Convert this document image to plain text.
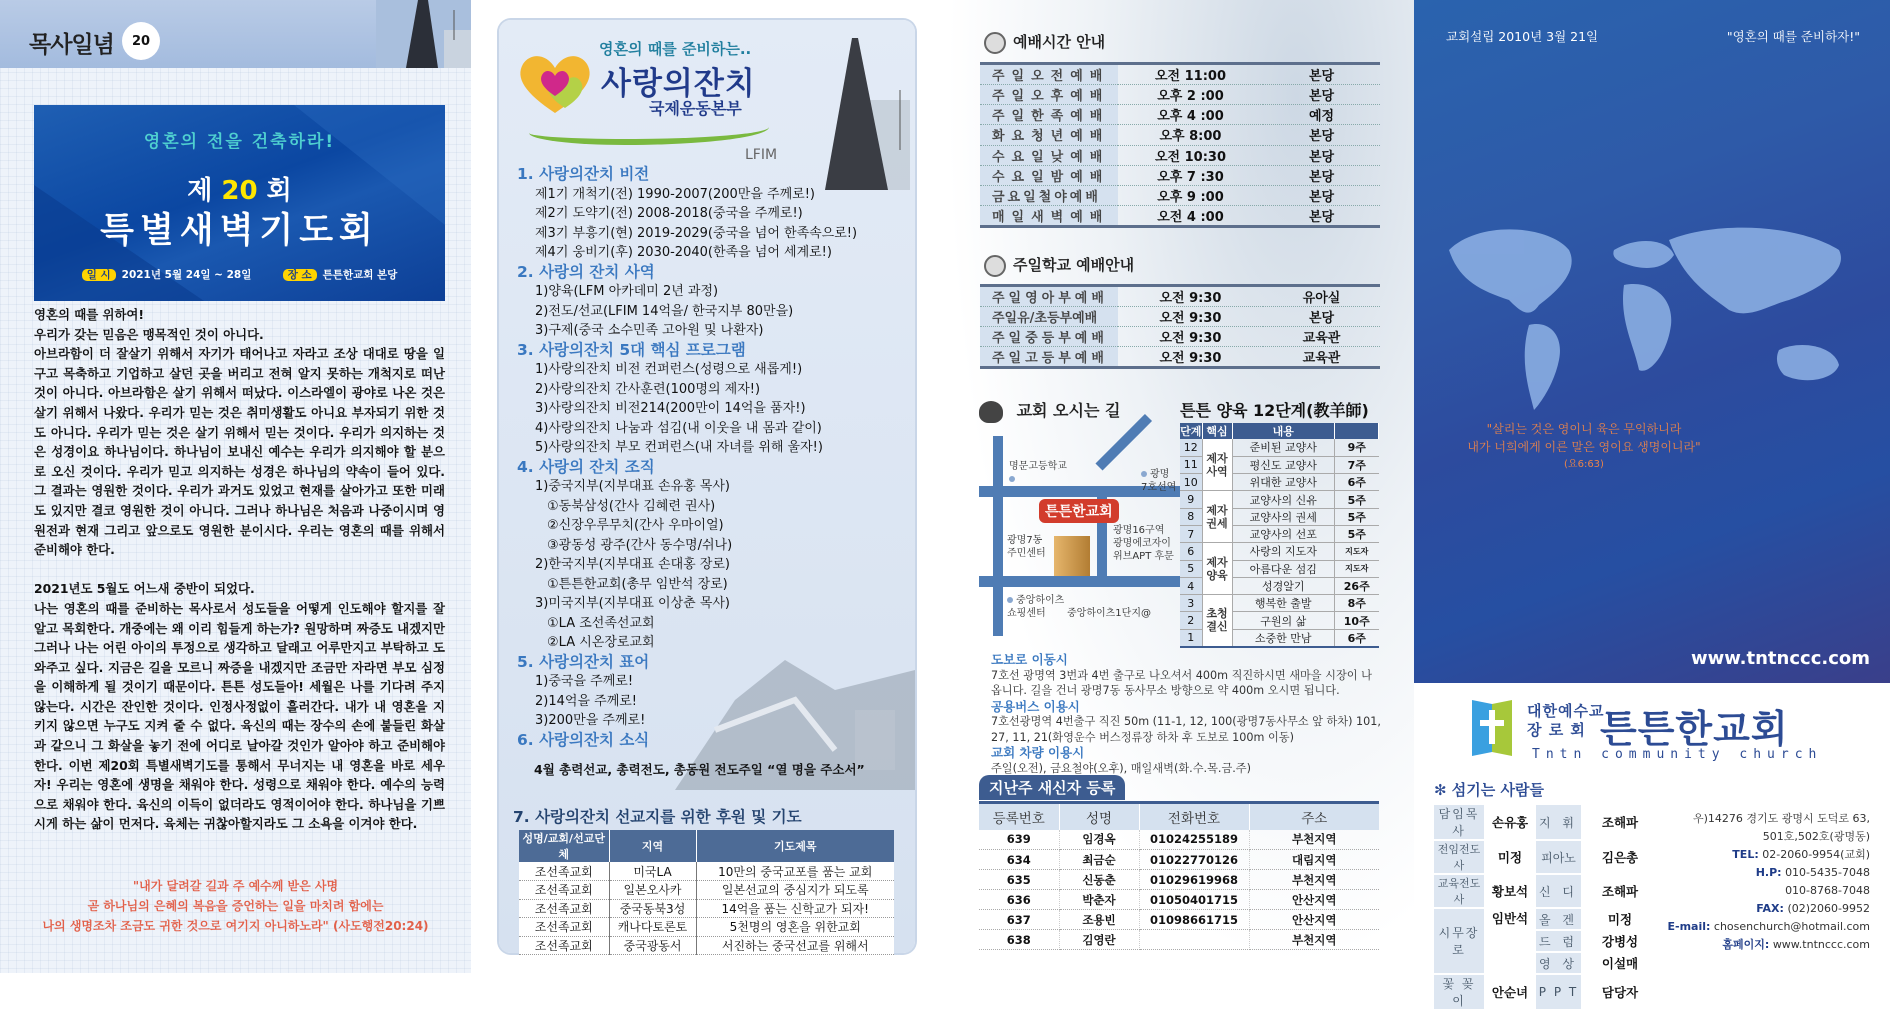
목사일념	20
영혼의 전을 건축하라!
제 20 회
특별새벽기도회
일 시 2021년 5월 24일 ~ 28일	장 소 튼튼한교회 본당

영혼의 때를 위하여!

우리가 갖는 믿음은 맹목적인 것이 아니다.

아브라함이 더 잘살기 위해서 자기가 태어나고 자라고 조상 대대로 땅을 일구고 목축하고 기업하고 살던 곳을 버리고 전혀 알지 못하는 개척지로 떠난 것이 아니다. 아브라함은 살기 위해서 떠났다. 이스라엘이 광야로 나온 것은 살기 위해서 나왔다. 우리가 믿는 것은 취미생활도 아니요 부자되기 위한 것도 아니다. 우리가 믿는 것은 살기 위해서 믿는 것이다. 우리가 의지하는 것은 성경이요 하나님이다. 하나님이 보내신 예수는 우리가 의지해야 할 분으로 오신 것이다. 우리가 믿고 의지하는 성경은 하나님의 약속이 들어 있다. 그 결과는 영원한 것이다. 우리가 과거도 있었고 현재를 살아가고 또한 미래도 있지만 결코 영원한 것이 아니다. 그러나 하나님은 처음과 나중이시며 영원전과 현재 그리고 앞으로도 영원한 분이시다. 우리는 영혼의 때를 위해서 준비해야 한다.

2021년도 5월도 어느새 중반이 되었다.

나는 영혼의 때를 준비하는 목사로서 성도들을 어떻게 인도해야 할지를 잘 알고 목회한다. 개중에는 왜 이리 힘들게 하는가? 원망하며 짜증도 내겠지만 그러나 나는 어린 아이의 투정으로 생각하고 달래고 어루만지고 부탁하고 도와주고 싶다. 지금은 길을 모르니 짜증을 내겠지만 조금만 자라면 부모 심정을 이해하게 될 것이기 때문이다. 튼튼 성도들아! 세월은 나를 기다려 주지 않는다. 시간은 잔인한 것이다. 인정사정없이 흘러간다. 내가 내 영혼을 지키지 않으면 누구도 지켜 줄 수 없다. 육신의 때는 장수의 손에 붙들린 화살과 같으니 그 화살을 놓기 전에 어디로 날아갈 것인가 알아야 하고 준비해야 한다. 이번 제20회 특별새벽기도를 통해서 무너지는 내 영혼을 바로 세우자! 우리는 영혼에 생명을 채워야 한다. 성령으로 채워야 한다. 예수의 능력으로 채워야 한다. 육신의 이득이 없더라도 영적이어야 한다. 하나님을 기쁘시게 하는 삶이 먼저다. 육체는 귀찮아할지라도 그 소욕을 이겨야 한다.

"내가 달려갈 길과 주 예수께 받은 사명
곧 하나님의 은혜의 복음을 증언하는 일을 마치려 함에는
나의 생명조차 조금도 귀한 것으로 여기지 아니하노라" (사도행전20:24)
영혼의 때를 준비하는..
사랑의잔치
국제운동본부
LFIM
1. 사랑의잔치 비전
제1기 개척기(전) 1990-2007(200만을 주께로!)
제2기 도약기(전) 2008-2018(중국을 주께로!)
제3기 부흥기(현) 2019-2029(중국을 넘어 한족속으로!)
제4기 웅비기(후) 2030-2040(한족을 넘어 세계로!)
2. 사랑의 잔치 사역
1)양육(LFM 아카데미 2년 과정)
2)전도/선교(LFIM 14억을/ 한국지부 80만을)
3)구제(중국 소수민족 고아원 및 나환자)
3. 사랑의잔치 5대 핵심 프로그램
1)사랑의잔치 비전 컨퍼런스(성령으로 새롭게!)
2)사랑의잔치 간사훈련(100명의 제자!)
3)사랑의잔치 비전214(200만이 14억을 품자!)
4)사랑의잔치 나눔과 섬김(내 이웃을 내 몸과 같이)
5)사랑의잔치 부모 컨퍼런스(내 자녀를 위해 울자!)
4. 사랑의 잔치 조직
1)중국지부(지부대표 손유홍 목사)
①동북삼성(간사 김혜련 권사)
②신장우루무치(간사 우마이얼)
③광동성 광주(간사 동수명/쉬나)
2)한국지부(지부대표 손대홍 장로)
①튼튼한교회(총무 임반석 장로)
3)미국지부(지부대표 이상춘 목사)
①LA 조선족선교회
②LA 시온장로교회
5. 사랑의잔치 표어
1)중국을 주께로!
2)14억을 주께로!
3)200만을 주께로!
6. 사랑의잔치 소식
4월 총력선교, 총력전도, 총동원 전도주일 “열 명을 주소서”
7. 사랑의잔치 선교지를 위한 후원 및 기도
성명/교회/선교단체	지역	기도제목
조선족교회	미국LA	10만의 중국교포를 품는 교회
조선족교회	일본오사카	일본선교의 중심지가 되도록
조선족교회	중국동북3성	14억을 품는 신학교가 되자!
조선족교회	캐나다토론토	5천명의 영혼을 위한교회
조선족교회	중국광동서	서진하는 중국선교를 위해서
예배시간 안내
주일오전예배	오전 11:00	본당
주일오후예배	오후 2 :00	본당
주일한족예배	오후 4 :00	예정
화요청년예배	오후 8:00	본당
수요일낮예배	오전 10:30	본당
수요일밤예배	오후 7 :30	본당
금요일철야예배	오후 9 :00	본당
매일새벽예배	오전 4 :00	본당
주일학교 예배안내
주일영아부예배	오전 9:30	유아실
주일유/초등부예배	오전 9:30	본당
주일중등부예배	오전 9:30	교육관
주일고등부예배	오전 9:30	교육관
교회 오시는 길
명문고등학교

광명
7호선역
튼튼한교회
광명7동
주민센터
광명16구역
광명에코자이
위브APT 후문
중앙하이츠
쇼핑센터	중앙하이츠1단지@
튼튼 양육 12단계(教羊師)
단계	핵심	내용	
12	제자사역	준비된 교양사	9주
11		평신도 교양사	7주
10		위대한 교양사	6주
9	제자권세	교양사의 신유	5주
8		교양사의 권세	5주
7		교양사의 선포	5주
6	제자양육	사랑의 지도자	지도자
5		아름다운 섬김	지도자
4		성경알기	26주
3	초청결신	행복한 출발	8주
2		구원의 삶	10주
1		소중한 만남	6주
도보로 이동시
7호선 광명역 3번과 4번 출구로 나오셔서 400m 직진하시면 새마을 시장이 나옵니다. 길을 건너 광명7동 동사무소 방향으로 약 400m 오시면 됩니다.
공용버스 이용시
7호선광명역 4번출구 직진 50m (11-1, 12, 100(광명7동사무소 앞 하차) 101, 27, 11, 21(화영운수 버스정류장 하차 후 도보로 100m 이동)
교회 차량 이용시
주일(오전), 금요철야(오후), 매일새벽(화.수.목.금.주)
지난주 새신자 등록
등록번호	성명	전화번호	주소
639	임경옥	01024255189	부천지역
634	최금순	01022770126	대림지역
635	신동춘	01029619968	부천지역
636	박춘자	01050401715	안산지역
637	조용빈	01098661715	안산지역
638	김영란		부천지역
교회설립 2010년 3월 21일	"영혼의 때를 준비하자!"
"살리는 것은 영이니 육은 무익하니라
내가 너희에게 이른 말은 영이요 생명이니라"
(요6:63)
www.tntnccc.com
대한예수교
장 로 회 튼튼한교회
Tntn community church
✻ 섬기는 사람들
담임목사	손유홍	지 휘	조해파
전임전도사	미정	피아노	김은총
교육전도사	황보석	신 디	조해파
시무장로	임반석	올 겐	미정
		드 럼	강병성
		영 상	이설매
꽃 꽂 이	안순녀	P P T	담당자
우)14276 경기도 광명시 도덕로 63,
501호,502호(광명동)
TEL: 02-2060-9954(교회)
H.P: 010-5435-7048
010-8768-7048
FAX: (02)2060-9952
E-mail: chosenchurch@hotmail.com
홈페이지: www.tntnccc.com
